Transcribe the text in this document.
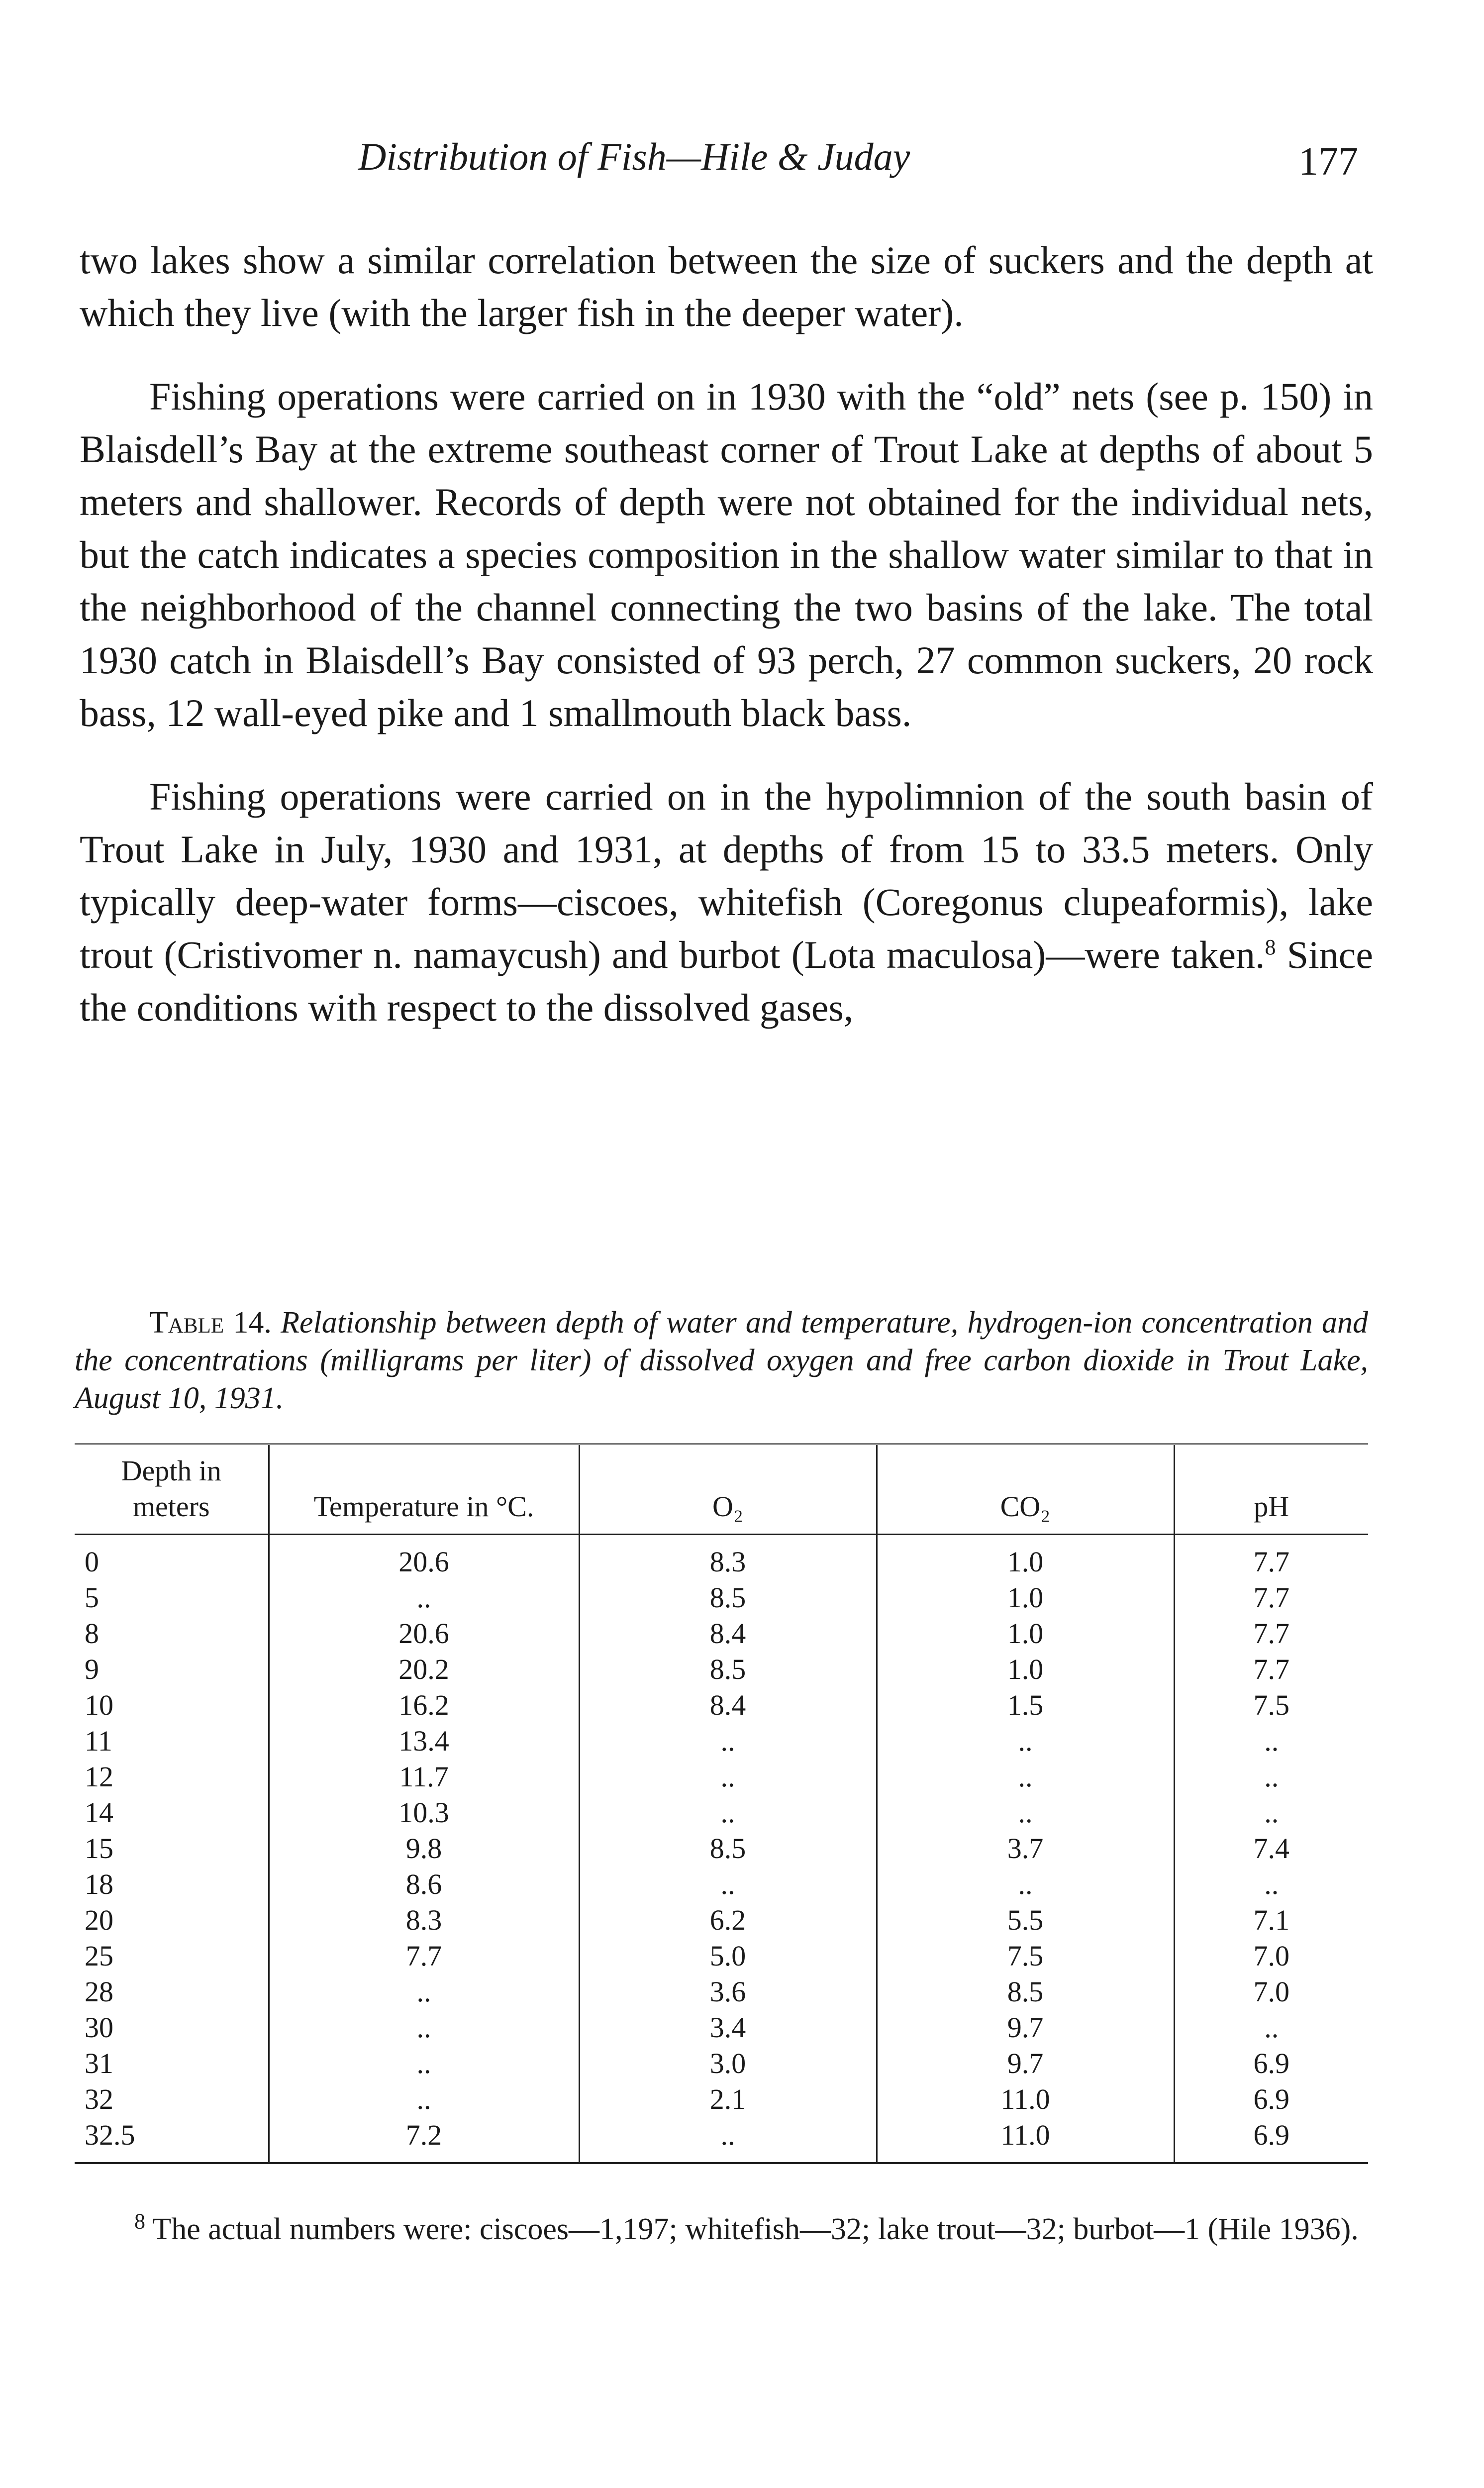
Distribution of Fish—Hile & Juday	177

two lakes show a similar correlation between the size of suckers and the depth at which they live (with the larger fish in the deeper water).

Fishing operations were carried on in 1930 with the “old” nets (see p. 150) in Blaisdell’s Bay at the extreme southeast corner of Trout Lake at depths of about 5 meters and shallower. Records of depth were not obtained for the individual nets, but the catch indicates a species composition in the shallow water similar to that in the neighborhood of the channel connecting the two basins of the lake. The total 1930 catch in Blaisdell’s Bay consisted of 93 perch, 27 common suckers, 20 rock bass, 12 wall-eyed pike and 1 smallmouth black bass.

Fishing operations were carried on in the hypolimnion of the south basin of Trout Lake in July, 1930 and 1931, at depths of from 15 to 33.5 meters. Only typically deep-water forms—ciscoes, whitefish (Coregonus clupeaformis), lake trout (Cristivomer n. namaycush) and burbot (Lota maculosa)—were taken.$^8$ Since the conditions with respect to the dissolved gases,

Table 14. Relationship between depth of water and temperature, hydrogen-ion concentration and the concentrations (milligrams per liter) of dissolved oxygen and free carbon dioxide in Trout Lake, August 10, 1931.
Depth in meters	Temperature in °C.	O₂	CO₂	pH
0	20.6	8.3	1.0	7.7
5	..	8.5	1.0	7.7
8	20.6	8.4	1.0	7.7
9	20.2	8.5	1.0	7.7
10	16.2	8.4	1.5	7.5
11	13.4	..	..	..
12	11.7	..	..	..
14	10.3	..	..	..
15	9.8	8.5	3.7	7.4
18	8.6	..	..	..
20	8.3	6.2	5.5	7.1
25	7.7	5.0	7.5	7.0
28	..	3.6	8.5	7.0
30	..	3.4	9.7	..
31	..	3.0	9.7	6.9
32	..	2.1	11.0	6.9
32.5	7.2	..	11.0	6.9
$^8$ The actual numbers were: ciscoes—1,197; whitefish—32; lake trout—32; burbot—1 (Hile 1936).
